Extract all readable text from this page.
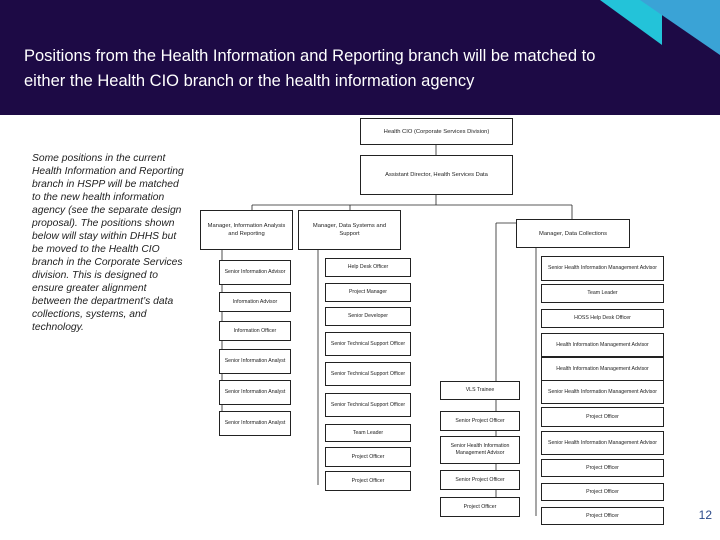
Positions from the Health Information and Reporting branch will be matched to either the Health CIO branch or the health information agency
Some positions in the current Health Information and Reporting branch in HSPP will be matched to the new health information agency (see the separate design proposal). The positions shown below will stay within DHHS but be moved to the Health CIO branch in the Corporate Services division. This is designed to ensure greater alignment between the department’s data collections, systems, and technology.
Health CIO (Corporate Services Division)
Assistant Director, Health Services Data
Manager, Information Analysis and Reporting
Manager, Data Systems and Support	Manager, Data Collections
Senior Information Advisor
Information Advisor
Information Officer
Senior Information Analyst
Senior Information Analyst
Senior Information Analyst
Help Desk Officer
Project Manager
Senior Developer
Senior Technical Support Officer
Senior Technical Support Officer
Senior Technical Support Officer
Team Leader
Project Officer
Project Officer
VLS Trainee
Senior Project Officer
Senior Health Information Management Advisor
Senior Project Officer
Project Officer
Senior Health Information Management Advisor
Team Leader
HOSS Help Desk Officer
Health Information Management Advisor
Health Information Management Advisor
Senior Health Information Management Advisor
Project Officer
Senior Health Information Management Advisor
Project Officer
Project Officer
Project Officer	12
